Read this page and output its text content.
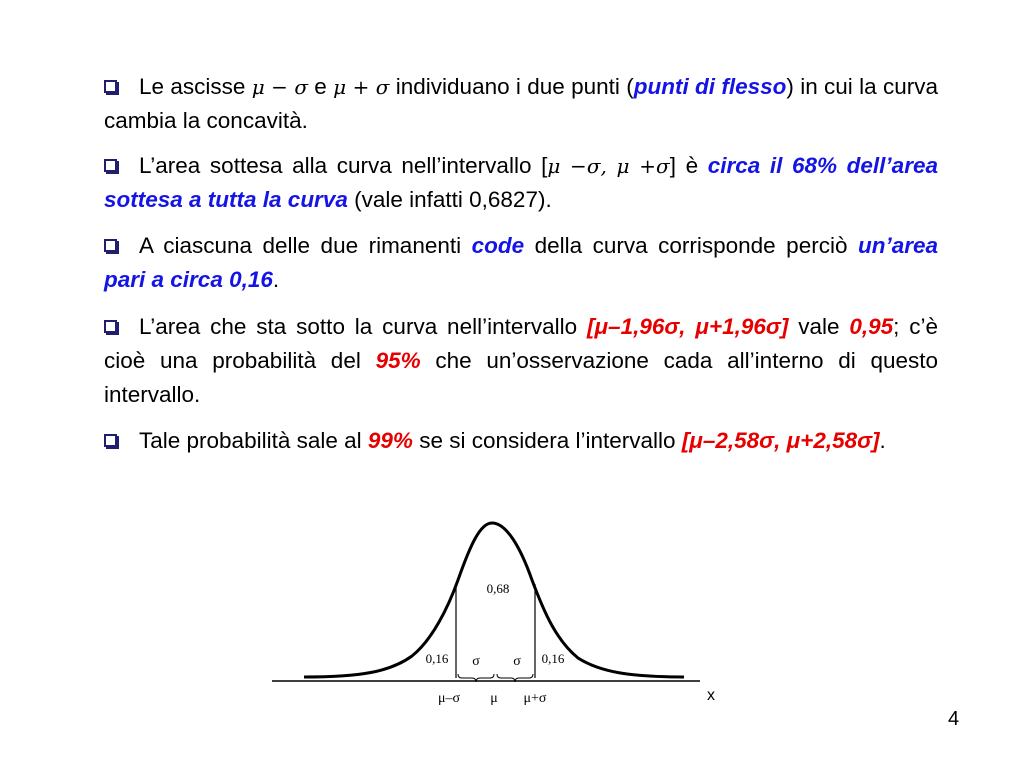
Le ascisse μ − σ e μ + σ individuano i due punti (punti di flesso) in cui la curva cambia la concavità.

L’area sottesa alla curva nell’intervallo [μ −σ, μ +σ] è circa il 68% dell’area sottesa a tutta la curva (vale infatti 0,6827).

A ciascuna delle due rimanenti code della curva corrisponde perciò un’area pari a circa 0,16.

L’area che sta sotto la curva nell’intervallo [μ–1,96σ, μ+1,96σ] vale 0,95; c’è cioè una probabilità del 95% che un’osservazione cada all’interno di questo intervallo.

Tale probabilità sale al 99% se si considera l’intervallo [μ–2,58σ, μ+2,58σ].

0,68
0,16	0,16
σ σ
μ–σ μ μ+σ	x
4
